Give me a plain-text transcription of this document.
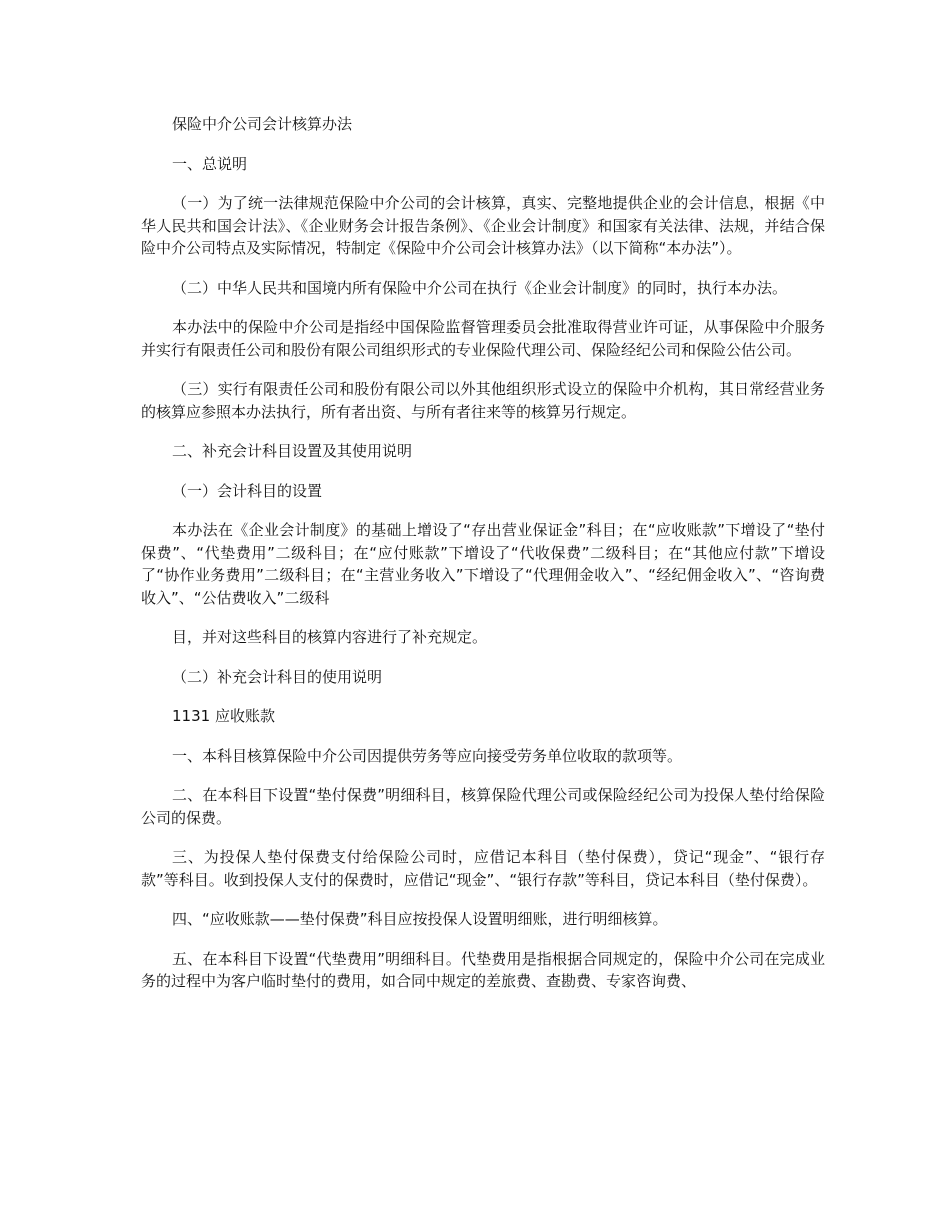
保险中介公司会计核算办法

一、总说明

（一）为了统一法律规范保险中介公司的会计核算，真实、完整地提供企业的会计信息，根据《中华人民共和国会计法》、《企业财务会计报告条例》、《企业会计制度》和国家有关法律、法规，并结合保险中介公司特点及实际情况，特制定《保险中介公司会计核算办法》（以下简称“本办法”）。

（二）中华人民共和国境内所有保险中介公司在执行《企业会计制度》的同时，执行本办法。

本办法中的保险中介公司是指经中国保险监督管理委员会批准取得营业许可证，从事保险中介服务并实行有限责任公司和股份有限公司组织形式的专业保险代理公司、保险经纪公司和保险公估公司。

（三）实行有限责任公司和股份有限公司以外其他组织形式设立的保险中介机构，其日常经营业务的核算应参照本办法执行，所有者出资、与所有者往来等的核算另行规定。

二、补充会计科目设置及其使用说明

（一）会计科目的设置

本办法在《企业会计制度》的基础上增设了“存出营业保证金”科目；在“应收账款”下增设了“垫付保费”、“代垫费用”二级科目；在“应付账款”下增设了“代收保费”二级科目；在“其他应付款”下增设了“协作业务费用”二级科目；在“主营业务收入”下增设了“代理佣金收入”、“经纪佣金收入”、“咨询费收入”、“公估费收入”二级科

目，并对这些科目的核算内容进行了补充规定。

（二）补充会计科目的使用说明

1131 应收账款

一、本科目核算保险中介公司因提供劳务等应向接受劳务单位收取的款项等。

二、在本科目下设置“垫付保费”明细科目，核算保险代理公司或保险经纪公司为投保人垫付给保险公司的保费。

三、为投保人垫付保费支付给保险公司时，应借记本科目（垫付保费），贷记“现金”、“银行存款”等科目。收到投保人支付的保费时，应借记“现金”、“银行存款”等科目，贷记本科目（垫付保费）。

四、“应收账款——垫付保费”科目应按投保人设置明细账，进行明细核算。

五、在本科目下设置“代垫费用”明细科目。代垫费用是指根据合同规定的，保险中介公司在完成业务的过程中为客户临时垫付的费用，如合同中规定的差旅费、查勘费、专家咨询费、
